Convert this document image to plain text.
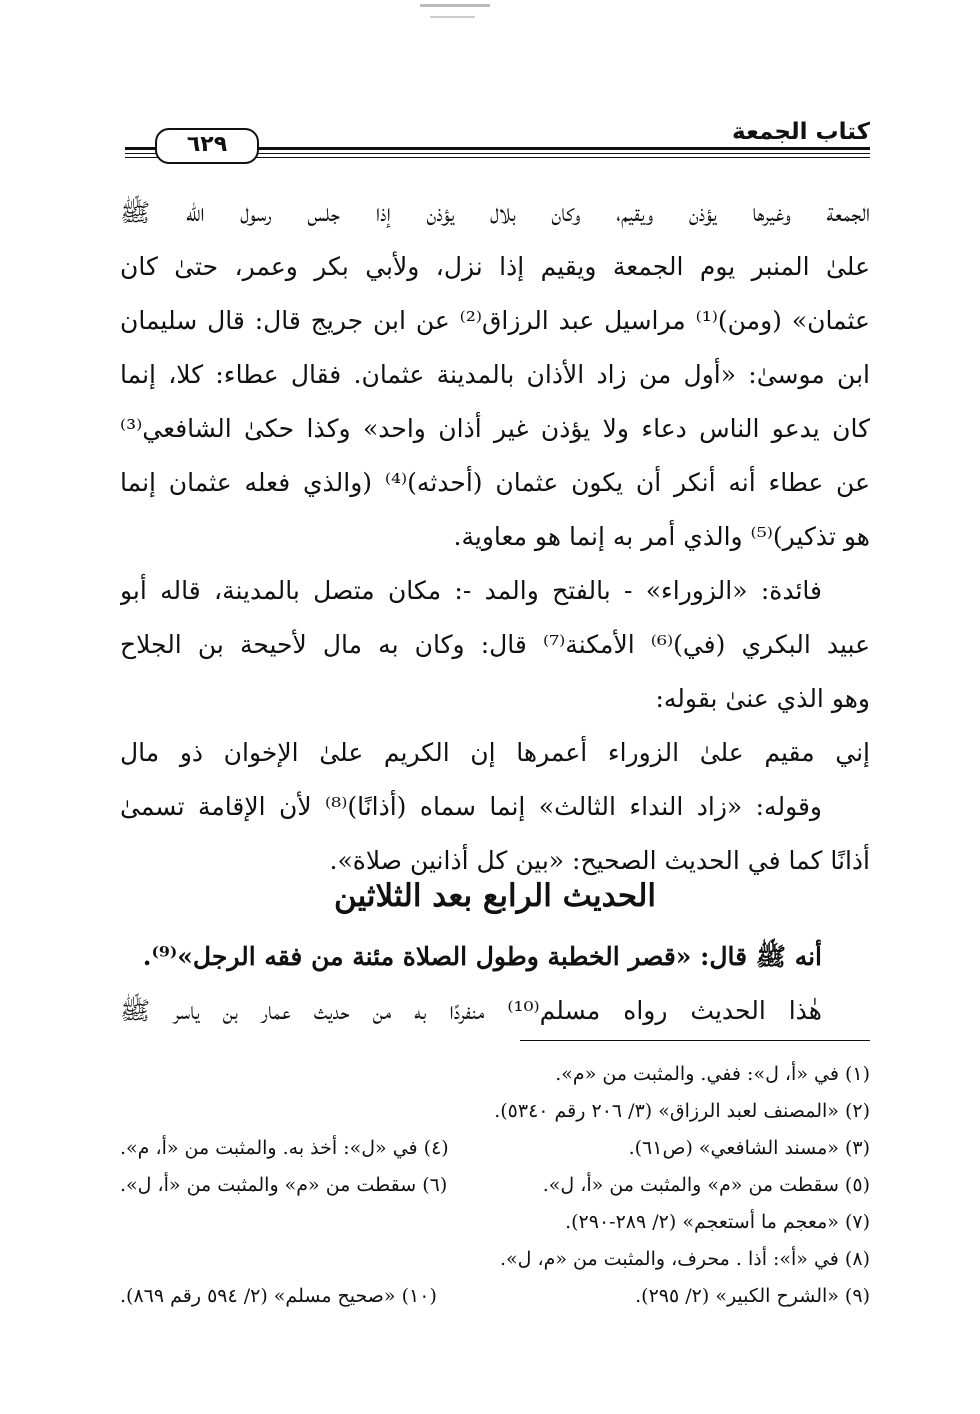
كتاب الجمعة
٦٢٩
الجمعة وغيرها يؤذن ويقيم، وكان بلال يؤذن إذا جلس رسول الله ﷺ
علىٰ المنبر يوم الجمعة ويقيم إذا نزل، ولأبي بكر وعمر، حتىٰ كان
عثمان» (ومن)⁽¹⁾ مراسيل عبد الرزاق⁽²⁾ عن ابن جريج قال: قال سليمان
ابن موسىٰ: «أول من زاد الأذان بالمدينة عثمان. فقال عطاء: كلا، إنما
كان يدعو الناس دعاء ولا يؤذن غير أذان واحد» وكذا حكىٰ الشافعي⁽³⁾
عن عطاء أنه أنكر أن يكون عثمان (أحدثه)⁽⁴⁾ (والذي فعله عثمان إنما
هو تذكير)⁽⁵⁾ والذي أمر به إنما هو معاوية.
فائدة: «الزوراء» - بالفتح والمد -: مكان متصل بالمدينة، قاله أبو
عبيد البكري (في)⁽⁶⁾ الأمكنة⁽⁷⁾ قال: وكان به مال لأحيحة بن الجلاح
وهو الذي عنىٰ بقوله:
إني مقيم علىٰ الزوراء أعمرها إن الكريم علىٰ الإخوان ذو مال
وقوله: «زاد النداء الثالث» إنما سماه (أذانًا)⁽⁸⁾ لأن الإقامة تسمىٰ
أذانًا كما في الحديث الصحيح: «بين كل أذانين صلاة».
الحديث الرابع بعد الثلاثين
أنه ﷺ قال: «قصر الخطبة وطول الصلاة مئنة من فقه الرجل»⁽⁹⁾.
هٰذا الحديث رواه مسلم⁽¹⁰⁾ منفردًا به من حديث عمار بن ياسر ﷺ
(١) في «أ، ل»: ففي. والمثبت من «م».
(٢) «المصنف لعبد الرزاق» (٣/ ٢٠٦ رقم ٥٣٤٠).
(٣) «مسند الشافعي» (ص٦١).
(٤) في «ل»: أخذ به. والمثبت من «أ، م».
(٥) سقطت من «م» والمثبت من «أ، ل».
(٦) سقطت من «م» والمثبت من «أ، ل».
(٧) «معجم ما أستعجم» (٢/ ٢٨٩-٢٩٠).
(٨) في «أ»: أذا . محرف، والمثبت من «م، ل».
(٩) «الشرح الكبير» (٢/ ٢٩٥).
(١٠) «صحيح مسلم» (٢/ ٥٩٤ رقم ٨٦٩).
